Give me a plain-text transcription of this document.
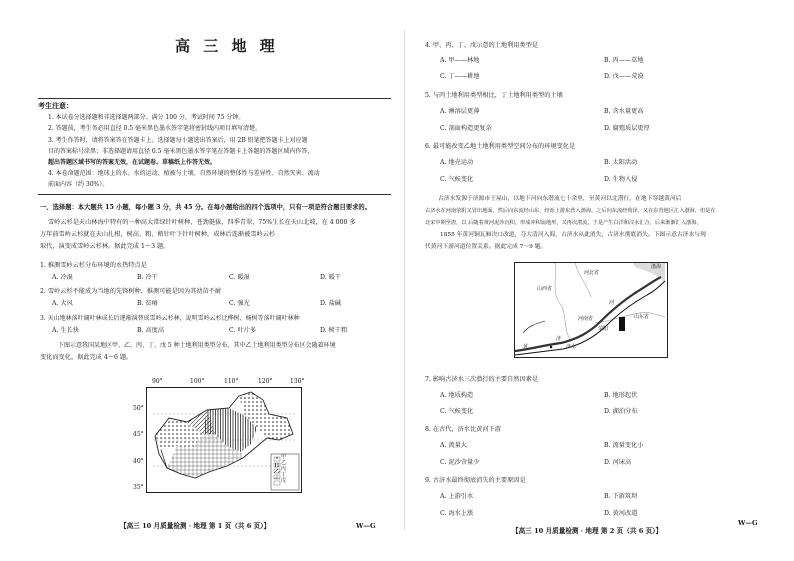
高 三 地 理
考生注意：
1. 本试卷分选择题和非选择题两部分。满分 100 分，考试时间 75 分钟。
2. 答题前，考生务必用直径 0.5 毫米黑色墨水签字笔将密封线内项目填写清楚。
3. 考生作答时，请将答案答在答题卡上。选择题每小题选出答案后，用 2B 铅笔把答题卡上对应题
目的答案标号涂黑；非选择题请用直径 0.5 毫米黑色墨水签字笔在答题卡上各题的答题区域内作答，
超出答题区域书写的答案无效，在试题卷、草稿纸上作答无效。
4. 本卷命题范围：地球上的水、水的运动、植被与土壤、自然环境的整体性与差异性、自然灾害、流动
前面内容（约 30%）。
一、选择题：本大题共 15 小题，每小题 3 分，共 45 分。在每小题给出的四个选项中，只有一项是符合题目要求的。
雪岭云杉是天山林海中特有的一种高大常绿针叶树种，苍劲挺拔，四季青翠，75%生长在天山北坡，在 4 000 多
万年前雪岭云杉就在天山扎根，树高、粗、稍针叶下针叶树种，成林后连渐被雪岭云杉
取代，演变成雪岭云杉林。据此完成 1～3 题。
1. 推测雪岭云杉分布环境的水热特点是
A. 冷湿	B. 冷干	C. 暖湿	D. 暖干
2. 雪岭云杉不能成为当地的先锋树种，推测可能是因为其幼苗不耐
A. 大风	B. 贫瘠	C. 强光	D. 盐碱
3. 天山地林落叶阔叶林成长后逐渐演替成雪岭云杉林，说明雪岭云杉比桦树、杨树等落叶阔叶林种
A. 生长快	B. 高度高	C. 叶片多	D. 树干粗
下图示意我国某地区甲、乙、丙、丁、戊 5 种土地利用类型分布，其中乙土地利用类型分布区会随着环境
变化而变化。据此完成 4～6 题。
90°	100°	110°	120°	130°
50°
45°
40°
35°
甲
乙
丙
丁
戊
【高三 10 月质量检测 · 地理 第 1 页（共 6 页）】	W—G
4. 甲、丙、丁、戊示意的土地利用类型是
A. 甲——林地	B. 丙——草地
C. 丁——耕地	D. 戊——荒漠
5. 与丙土地利用类型相比，丁土地利用类型的土壤
A. 淋溶层更薄	B. 含水量更高
C. 剖面构造更复杂	D. 腐殖质层更厚
6. 最可能改变乙地土地利用类型空间分布的环境变化是
A. 地壳运动	B. 太阳活动
C. 气候变化	D. 生物入侵
古济水发源于济源市王屋山，以地下河向东潜流七十余里，至黄河以北潜行，在地下穿越黄河后
古济水在河南荥阳又冒出地面，然后向东流经山东，经泺上游东营入渤海。之后向东流经荷泽，又在东营地区汇入渤海，但是在
北宋中期至唐，以 后随着黄河泥沙沉积，形成冲积扇地形，又再次潜流，于是产生白洋和汶水汇合，后来渐渐汇入渤海，
1855 年黄河铜瓦厢决口改道，夺大清河入海，古济水从此消失，古济水彻底消失。下图示意古济水与现
代黄河下游河道位置关系。据此完成 7～9 题。
渤海
山西省
河北省
河南省	山东省
黄
河
济
荥阳
济水
7. 影响古济水三次潜行的主要自然因素是
A. 地质构造	B. 地形起伏
C. 气候变化	D. 湖泊分布
8. 在古代，济水比黄河下游
A. 流量大	B. 流量变化小
C. 泥沙含量少	D. 河床高
9. 古济水最终彻底消失的主要原因是
A. 上游引水	B. 下游筑坝
C. 海水上涨	D. 黄河改道
【高三 10 月质量检测 · 地理 第 2 页（共 6 页）】
W—G
